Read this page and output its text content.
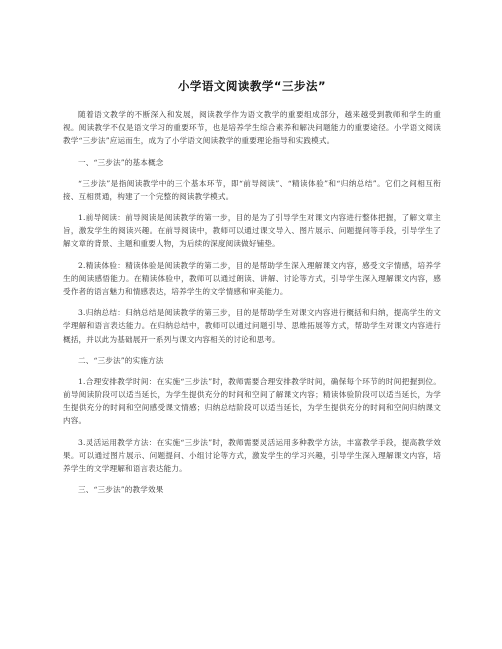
小学语文阅读教学“三步法”

随着语文教学的不断深入和发展，阅读教学作为语文教学的重要组成部分，越来越受到教师和学生的重视。阅读教学不仅是语文学习的重要环节，也是培养学生综合素养和解决问题能力的重要途径。小学语文阅读教学“三步法”应运而生，成为了小学语文阅读教学的重要理论指导和实践模式。

一、“三步法”的基本概念

“三步法”是指阅读教学中的三个基本环节，即“前导阅读”、“精读体验”和“归纳总结”。它们之间相互衔接、互相贯通，构建了一个完整的阅读教学模式。

1.前导阅读：前导阅读是阅读教学的第一步，目的是为了引导学生对课文内容进行整体把握，了解文章主旨，激发学生的阅读兴趣。在前导阅读中，教师可以通过课文导入、图片展示、问题提问等手段，引导学生了解文章的背景、主题和重要人物，为后续的深度阅读做好铺垫。

2.精读体验：精读体验是阅读教学的第二步，目的是帮助学生深入理解课文内容，感受文字情感，培养学生的阅读感悟能力。在精读体验中，教师可以通过朗读、讲解、讨论等方式，引导学生深入理解课文内容，感受作者的语言魅力和情感表达，培养学生的文学情感和审美能力。

3.归纳总结：归纳总结是阅读教学的第三步，目的是帮助学生对课文内容进行概括和归纳，提高学生的文学理解和语言表达能力。在归纳总结中，教师可以通过问题引导、思维拓展等方式，帮助学生对课文内容进行概括，并以此为基础展开一系列与课文内容相关的讨论和思考。

二、“三步法”的实施方法

1.合理安排教学时间：在实施“三步法”时，教师需要合理安排教学时间，确保每个环节的时间把握到位。前导阅读阶段可以适当延长，为学生提供充分的时间和空间了解课文内容；精读体验阶段可以适当延长，为学生提供充分的时间和空间感受课文情感；归纳总结阶段可以适当延长，为学生提供充分的时间和空间归纳课文内容。

3.灵活运用教学方法：在实施“三步法”时，教师需要灵活运用多种教学方法，丰富教学手段，提高教学效果。可以通过图片展示、问题提问、小组讨论等方式，激发学生的学习兴趣，引导学生深入理解课文内容，培养学生的文学理解和语言表达能力。

三、“三步法”的教学效果
